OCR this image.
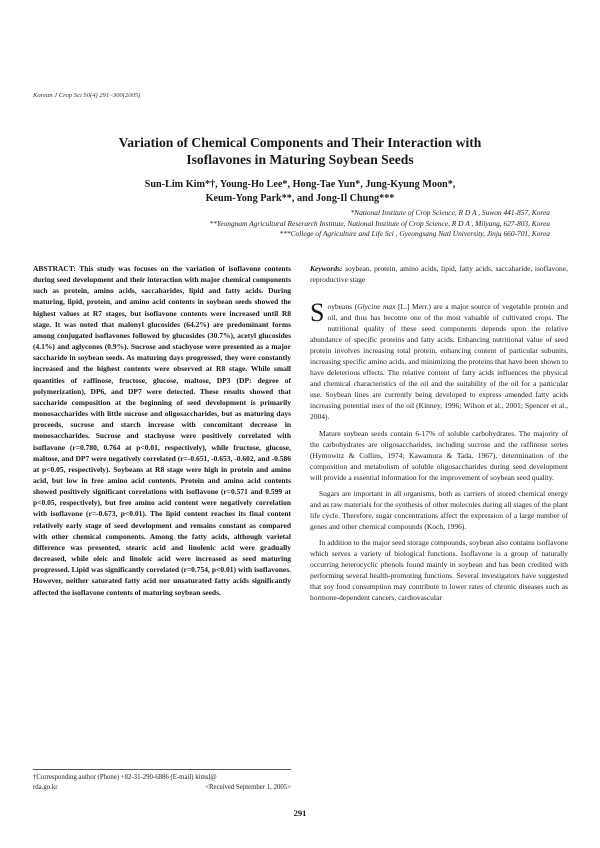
Korean J Crop Sci 50(4) 291~300(2005)
Variation of Chemical Components and Their Interaction with
Isoflavones in Maturing Soybean Seeds
Sun-Lim Kim*†, Young-Ho Lee*, Hong-Tae Yun*, Jung-Kyung Moon*,
Keum-Yong Park**, and Jong-Il Chung***
*National Institute of Crop Science, R D A , Suwon 441-857, Korea
**Yeongnam Agricultural Reserarch Institute, National Institute of Crop Science, R D A , Milyang, 627-803, Korea
***College of Agriculture and Life Sci , Gyeongsang Natl University, Jinju 660-701, Korea
ABSTRACT: This study was focuses on the variation of isoflavone contents during seed development and their interaction with major chemical components such as protein, amino acids, saccaharides, lipid and fatty acids. During maturing, lipid, protein, and amino acid contents in soybean seeds showed the highest values at R7 stages, but isoflavone contents were increased until R8 stage. It was noted that malonyl glucosides (64.2%) are predominant forms among conjugated isoflavones followed by glucosides (30.7%), acetyl glucosides (4.1%) and aglycones (0.9%). Sucrose and stachyose were presented as a major saccharide in soybean seeds. As maturing days progressed, they were constantly increased and the highest contents were observed at R8 stage. While small quantities of raffinose, fructose, glucose, maltose, DP3 (DP: degree of polymerization), DP6, and DP7 were detected. These results showed that saccharide composition at the beginning of seed development is primarily monosaccharides with little sucrose and oligosaccharides, but as maturing days proceeds, sucrose and starch increase with concomitant decrease in monosaccharides. Sucrose and stachyose were positively correlated with isoflavone (r=0.780, 0.764 at p<0.01, respectively), while fructose, glucose, maltose, and DP7 were negatively correlated (r=-0.651, -0.653, -0.602, and -0.586 at p<0.05, respectively). Soybeans at R8 stage were high in protein and amino acid, but low in free amino acid contents. Protein and amino acid contents showed positively significant correlations with isoflavone (r=0.571 and 0.599 at p<0.05, respectively), but free amino acid content were negatively correlation with isoflavone (r=-0.673, p<0.01). The lipid content reaches its final content relatively early stage of seed development and remains constant as compared with other chemical components. Among the fatty acids, although varietal difference was presented, stearic acid and linolenic acid were gradually decreased, while oleic and linoleic acid were increased as seed maturing progressed. Lipid was significantly correlated (r=0.754, p<0.01) with isoflavones. However, neither saturated fatty acid nor unsaturated fatty acids significantly affected the isoflavone contents of maturing soybean seeds.
Keywords: soybean, protein, amino acids, lipid, fatty acids, saccaharide, isoflavone, reproductive stage

Soybeans (Glycine max [L.] Merr.) are a major source of vegetable protein and oil, and thus has become one of the most valuable of cultivated crops. The nutritional quality of these seed components depends upon the relative abundance of specific proteins and fatty acids. Enhancing nutritional value of seed protein involves increasing total protein, enhancing content of particular subunits, increasing specific amino acids, and minimizing the proteins that have been shown to have deleterious effects. The relative content of fatty acids influences the physical and chemical characteristics of the oil and the suitability of the oil for a particular use. Soybean lines are currently being developed to express amended fatty acids increasing potential uses of the oil (Kinney, 1996; Wilson et al., 2001; Spencer et al., 2004).

Mature soybean seeds contain 6-17% of soluble carbohydrates. The majority of the carbohydrates are oligosaccharides, including sucrose and the raffinose series (Hymowitz & Collins, 1974; Kawamura & Tada, 1967), determination of the composition and metabolism of soluble oligosaccharides during seed development will provide a essential information for the improvement of soybean seed quality.

Sugars are important in all organisms, both as carriers of stored chemical energy and as raw materials for the synthesis of other molecules during all stages of the plant life cycle. Therefore, sugar concentrations affect the expression of a large number of genes and other chemical compounds (Koch, 1996).

In addition to the major seed storage compounds, soybean also contains isoflavone which serves a variety of biological functions. Isoflavone is a group of naturally occurring heterocyclic phenols found mainly in soybean and has been credited with performing several health-promoting functions. Several investigators have suggested that soy food consumption may contribute to lower rates of chronic diseases such as hormone-dependent cancers, cardiovascular

†Corresponding author (Phone) +82-31-290-6886 (E-mail) kimsl@
rda.go.kr	<Received September 1, 2005>
291
